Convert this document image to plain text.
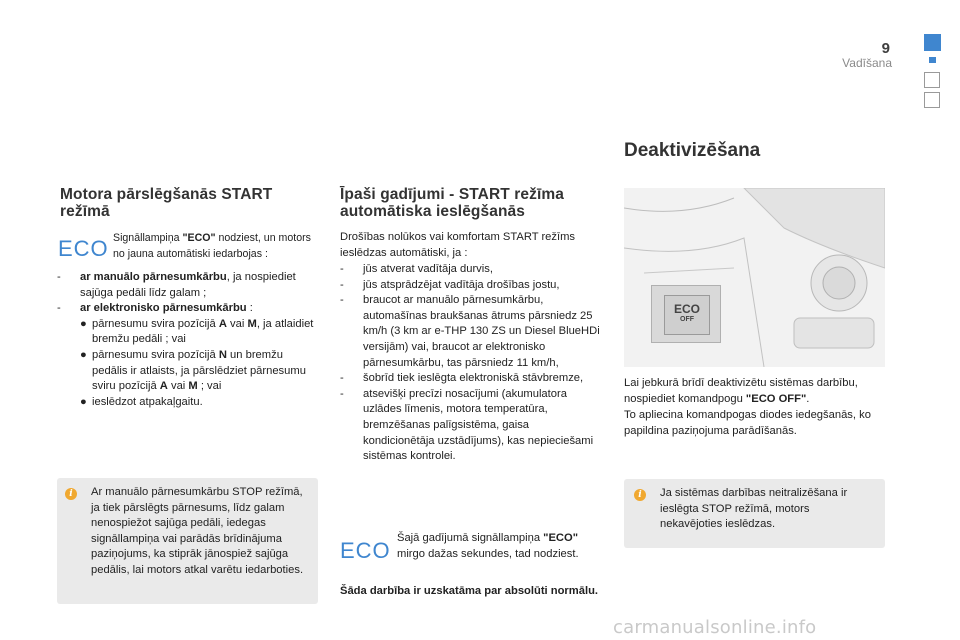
9
Vadīšana
Motora pārslēgšanās START režīmā
ECO Signāllampiņa "ECO" nodziest, un motors no jauna automātiski iedarbojas :
-	ar manuālo pārnesumkārbu, ja nospiediet sajūga pedāli līdz galam ;
-	ar elektronisko pārnesumkārbu :
● pārnesumu svira pozīcijā A vai M, ja atlaidiet bremžu pedāli ; vai
● pārnesumu svira pozīcijā N un bremžu pedālis ir atlaists, ja pārslēdziet pārnesumu sviru pozīcijā A vai M ; vai
● ieslēdzot atpakaļgaitu.
i	Ar manuālo pārnesumkārbu STOP režīmā, ja tiek pārslēgts pārnesums, līdz galam nenospiežot sajūga pedāli, iedegas signāllampiņa vai parādās brīdinājuma paziņojums, ka stiprāk jānospiež sajūga pedālis, lai motors atkal varētu iedarboties.
Īpaši gadījumi - START režīma automātiska ieslēgšanās
Drošības nolūkos vai komfortam START režīms ieslēdzas automātiski, ja :
-	jūs atverat vadītāja durvis,
-	jūs atsprādzējat vadītāja drošības jostu,
-	braucot ar manuālo pārnesumkārbu, automašīnas braukšanas ātrums pārsniedz 25 km/h (3 km ar e-THP 130 ZS un Diesel BlueHDi versijām) vai, braucot ar elektronisko pārnesumkārbu, tas pārsniedz 11 km/h,
-	šobrīd tiek ieslēgta elektroniskā stāvbremze,
-	atsevišķi precīzi nosacījumi (akumulatora uzlādes līmenis, motora temperatūra, bremzēšanas palīgsistēma, gaisa kondicionētāja uzstādījums), kas nepieciešami sistēmas kontrolei.
ECO Šajā gadījumā signāllampiņa "ECO" mirgo dažas sekundes, tad nodziest.
Šāda darbība ir uzskatāma par absolūti normālu.
Deaktivizēšana
ECO
OFF
Lai jebkurā brīdī deaktivizētu sistēmas darbību, nospiediet komandpogu "ECO OFF".
To apliecina komandpogas diodes iedegšanās, ko papildina paziņojuma parādīšanās.
i	Ja sistēmas darbības neitralizēšana ir ieslēgta STOP režīmā, motors nekavējoties ieslēdzas.
carmanualsonline.info
